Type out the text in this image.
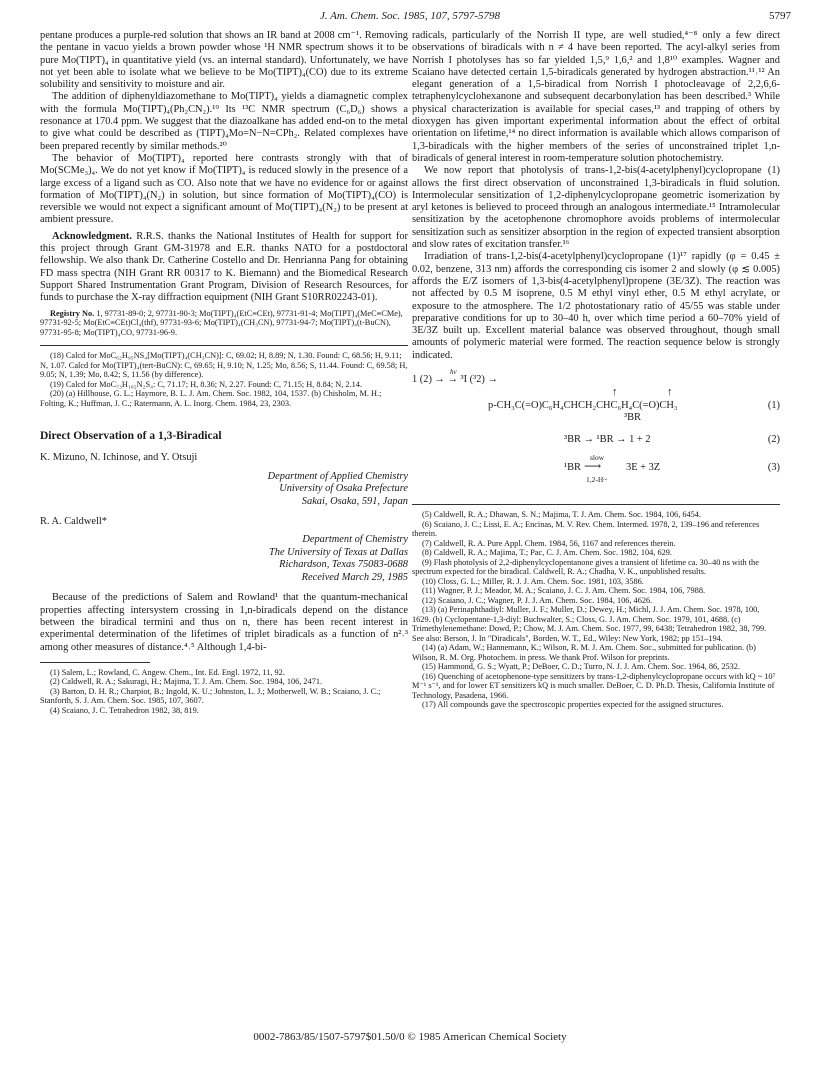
J. Am. Chem. Soc. 1985, 107, 5797-5798	5797

pentane produces a purple-red solution that shows an IR band at 2008 cm⁻¹. Removing the pentane in vacuo yields a brown powder whose ¹H NMR spectrum shows it to be pure Mo(TIPT)₄ in quantitative yield (vs. an internal standard). Unfortunately, we have not yet been able to isolate what we believe to be Mo(TIPT)₄(CO) due to its extreme solubility and sensitivity to moisture and air.

The addition of diphenyldiazomethane to Mo(TIPT)₄ yields a diamagnetic complex with the formula Mo(TIPT)₄(Ph₂CN₂).¹⁹ Its ¹³C NMR spectrum (C₆D₆) shows a resonance at 170.4 ppm. We suggest that the diazoalkane has added end-on to the metal to give what could be described as (TIPT)₄Mo=N−N=CPh₂. Related complexes have been prepared recently by similar methods.²⁰

The behavior of Mo(TIPT)₄ reported here contrasts strongly with that of Mo(SCMe₃)₄. We do not yet know if Mo(TIPT)₄ is reduced slowly in the presence of a large excess of a ligand such as CO. Also note that we have no evidence for or against formation of Mo(TIPT)₄(N₂) in solution, but since formation of Mo(TIPT)₄(CO) is reversible we would not expect a significant amount of Mo(TIPT)₄(N₂) to be present at ambient pressure.

Acknowledgment. R.R.S. thanks the National Institutes of Health for support for this project through Grant GM-31978 and E.R. thanks NATO for a postdoctoral fellowship. We also thank Dr. Catherine Costello and Dr. Henrianna Pang for obtaining FD mass spectra (NIH Grant RR 00317 to K. Biemann) and the Biomedical Research Support Shared Instrumentation Grant Program, Division of Research Resources, for funds to purchase the X-ray diffraction equipment (NIH Grant S10RR02243-01).

Registry No. 1, 97731-89-0; 2, 97731-90-3; Mo(TIPT)₄(EtC≡CEt), 97731-91-4; Mo(TIPT)₄(MeC≡CMe), 97731-92-5; Mo(EtC≡CEt)Cl₄(thf), 97731-93-6; Mo(TIPT)₄(CH₃CN), 97731-94-7; Mo(TIPT)₄(t-BuCN), 97731-95-8; Mo(TIPT)₄CO, 97731-96-9.

(18) Calcd for MoC₆₂H₉₅NS₄[Mo(TIPT)₄(CH₃CN)]: C, 69.02; H, 8.89; N, 1.30. Found: C, 68.56; H, 9.11; N, 1.07. Calcd for Mo(TIPT)₄(tert-BuCN): C, 69.65; H, 9.10; N, 1.25; Mo, 8.56; S, 11.44. Found: C, 69.58; H, 9.05; N, 1.39; Mo, 8.42; S, 11.56 (by difference).

(19) Calcd for MoC₇₃H₁₀₂N₂S₄: C, 71.17; H, 8.36; N, 2.27. Found: C, 71.15; H, 8.84; N, 2.14.

(20) (a) Hillhouse, G. L.; Haymore, B. L. J. Am. Chem. Soc. 1982, 104, 1537. (b) Chisholm, M. H.; Folting, K.; Huffman, J. C.; Ratermann, A. L. Inorg. Chem. 1984, 23, 2303.

Direct Observation of a 1,3-Biradical
K. Mizuno, N. Ichinose, and Y. Otsuji
Department of Applied Chemistry
University of Osaka Prefecture
Sakai, Osaka, 591, Japan
R. A. Caldwell*
Department of Chemistry
The University of Texas at Dallas
Richardson, Texas 75083-0688
Received March 29, 1985

Because of the predictions of Salem and Rowland¹ that the quantum-mechanical properties affecting intersystem crossing in 1,n-biradicals depend on the distance between the biradical termini and thus on n, there has been recent interest in experimental determination of the lifetimes of triplet biradicals as a function of n²˒³ among other measures of distance.⁴˒⁵ Although 1,4-bi-

(1) Salem, L.; Rowland, C. Angew. Chem., Int. Ed. Engl. 1972, 11, 92.

(2) Caldwell, R. A.; Sakuragi, H.; Majima, T. J. Am. Chem. Soc. 1984, 106, 2471.

(3) Barton, D. H. R.; Charpiot, B.; Ingold, K. U.; Johnston, L. J.; Motherwell, W. B.; Scaiano, J. C.; Stanforth, S. J. Am. Chem. Soc. 1985, 107, 3607.

(4) Scaiano, J. C. Tetrahedron 1982, 38, 819.

radicals, particularly of the Norrish II type, are well studied,⁴⁻⁸ only a few direct observations of biradicals with n ≠ 4 have been reported. The acyl-alkyl series from Norrish I photolyses has so far yielded 1,5,⁹ 1,6,² and 1,8¹⁰ examples. Wagner and Scaiano have detected certain 1,5-biradicals generated by hydrogen abstraction.¹¹˒¹² An elegant generation of a 1,5-biradical from Norrish I photocleavage of 2,2,6,6-tetraphenylcyclohexanone and subsequent decarbonylation has been described.³ While physical characterization is available for special cases,¹³ and trapping of others by dioxygen has given important experimental information about the effect of orbital orientation on lifetime,¹⁴ no direct information is available which allows comparison of 1,3-biradicals with the higher members of the series of unconstrained triplet 1,n-biradicals of general interest in room-temperature solution photochemistry.

We now report that photolysis of trans-1,2-bis(4-acetylphenyl)cyclopropane (1) allows the first direct observation of unconstrained 1,3-biradicals in fluid solution. Intermolecular sensitization of 1,2-diphenylcyclopropane geometric isomerization by aryl ketones is believed to proceed through an analogous intermediate.¹⁵ Intramolecular sensitization by the acetophenone chromophore avoids problems of intermolecular sensitization such as sensitizer absorption in the region of expected transient absorption and slow rates of excitation transfer.¹⁶

Irradiation of trans-1,2-bis(4-acetylphenyl)cyclopropane (1)¹⁷ rapidly (φ = 0.45 ± 0.02, benzene, 313 nm) affords the corresponding cis isomer 2 and slowly (φ ≲ 0.005) affords the E/Z isomers of 1,3-bis(4-acetylphenyl)propene (3E/3Z). The reaction was not affected by 0.5 M isoprene, 0.5 M ethyl vinyl ether, 0.5 M ethyl acrylate, or exposure to the atmosphere. The 1/2 photostationary ratio of 45/55 was stable under preparative conditions for up to 30–40 h, over which time period a 60–70% yield of 3E/3Z built up. Excellent material balance was observed throughout, though small amounts of polymeric material were formed. The reaction sequence below is strongly indicated.

1 (2) → → ³I (³2) →
hν
↑	↑
p-CH₃C(=O)C₆H₄CHCH₂CHC₆H₄C(=O)CH₃	(1)
³BR
³BR → ¹BR → 1 + 2	(2)
¹BR
slow
⟶
1,2-H~
3E + 3Z	(3)

(5) Caldwell, R. A.; Dhawan, S. N.; Majima, T. J. Am. Chem. Soc. 1984, 106, 6454.

(6) Scaiano, J. C.; Lissi, E. A.; Encinas, M. V. Rev. Chem. Intermed. 1978, 2, 139–196 and references therein.

(7) Caldwell, R. A. Pure Appl. Chem. 1984, 56, 1167 and references therein.

(8) Caldwell, R. A.; Majima, T.; Pac, C. J. Am. Chem. Soc. 1982, 104, 629.

(9) Flash photolysis of 2,2-diphenylcyclopentanone gives a transient of lifetime ca. 30–40 ns with the spectrum expected for the biradical. Caldwell, R. A.; Chadha, V. K., unpublished results.

(10) Closs, G. L.; Miller, R. J. J. Am. Chem. Soc. 1981, 103, 3586.

(11) Wagner, P. J.; Meador, M. A.; Scaiano, J. C. J. Am. Chem. Soc. 1984, 106, 7988.

(12) Scaiano, J. C.; Wagner, P. J. J. Am. Chem. Soc. 1984, 106, 4626.

(13) (a) Perinaphthadiyl: Muller, J. F.; Muller, D.; Dewey, H.; Michl, J. J. Am. Chem. Soc. 1978, 100, 1629. (b) Cyclopentane-1,3-diyl: Buchwalter, S.; Closs, G. J. Am. Chem. Soc. 1979, 101, 4688. (c) Trimethylenemethane: Dowd, P.; Chow, M. J. Am. Chem. Soc. 1977, 99, 6438; Tetrahedron 1982, 38, 799. See also: Berson, J. In "Diradicals", Borden, W. T., Ed., Wiley: New York, 1982; pp 151–194.

(14) (a) Adam, W.; Hannemann, K.; Wilson, R. M. J. Am. Chem. Soc., submitted for publication. (b) Wilson, R. M. Org. Photochem. in press. We thank Prof. Wilson for preprints.

(15) Hammond, G. S.; Wyatt, P.; DeBoer, C. D.; Turro, N. J. J. Am. Chem. Soc. 1964, 86, 2532.

(16) Quenching of acetophenone-type sensitizers by trans-1,2-diphenylcyclopropane occurs with kQ ~ 10⁷ M⁻¹ s⁻¹, and for lower ET sensitizers kQ is much smaller. DeBoer, C. D. Ph.D. Thesis, California Institute of Technology, Pasadena, 1966.

(17) All compounds gave the spectroscopic properties expected for the assigned structures.

0002-7863/85/1507-5797$01.50/0 © 1985 American Chemical Society
